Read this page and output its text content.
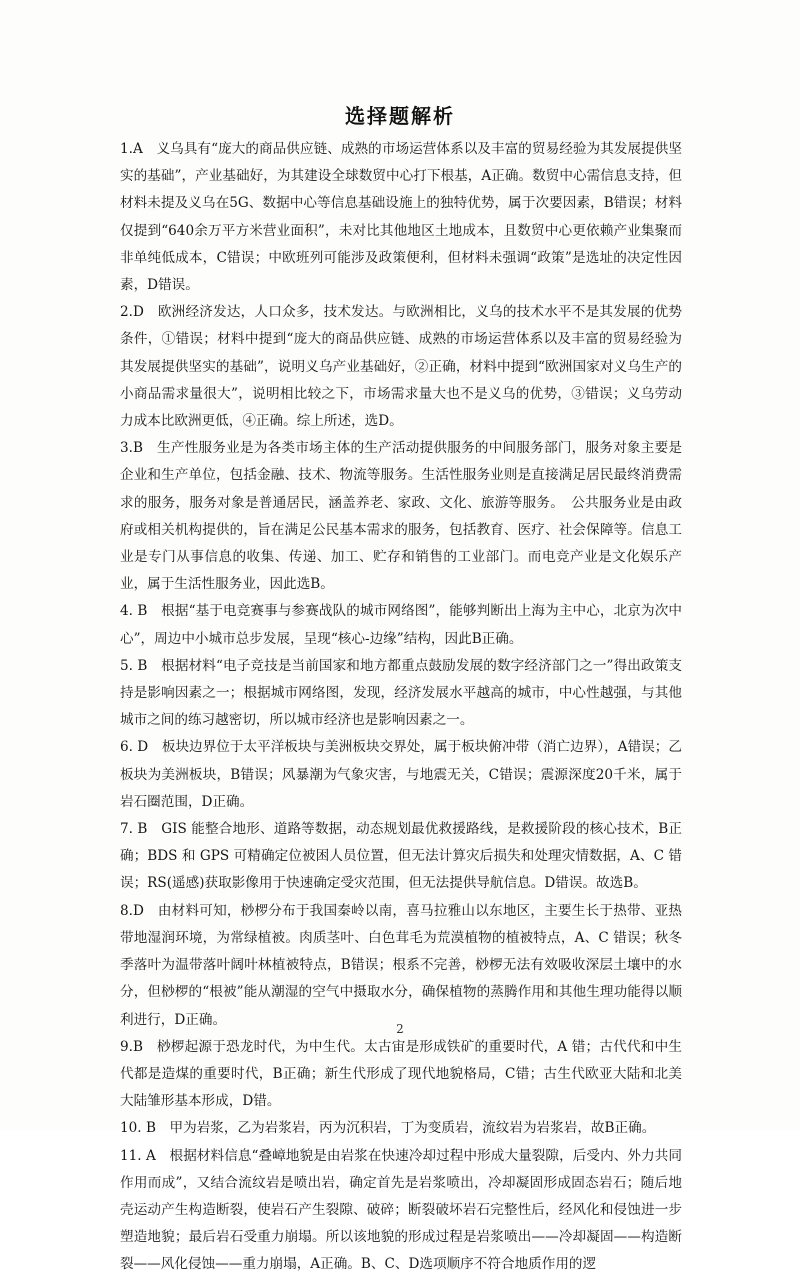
选择题解析

1.A　义乌具有“庞大的商品供应链、成熟的市场运营体系以及丰富的贸易经验为其发展提供坚实的基础”，产业基础好，为其建设全球数贸中心打下根基，A正确。数贸中心需信息支持，但材料未提及义乌在5G、数据中心等信息基础设施上的独特优势，属于次要因素，B错误；材料仅提到“640余万平方米营业面积”，未对比其他地区土地成本，且数贸中心更依赖产业集聚而非单纯低成本，C错误；中欧班列可能涉及政策便利，但材料未强调“政策”是选址的决定性因素，D错误。

2.D　欧洲经济发达，人口众多，技术发达。与欧洲相比，义乌的技术水平不是其发展的优势条件，①错误；材料中提到“庞大的商品供应链、成熟的市场运营体系以及丰富的贸易经验为其发展提供坚实的基础”，说明义乌产业基础好，②正确，材料中提到“欧洲国家对义乌生产的小商品需求量很大”，说明相比较之下，市场需求量大也不是义乌的优势，③错误；义乌劳动力成本比欧洲更低，④正确。综上所述，选D。

3.B　生产性服务业是为各类市场主体的生产活动提供服务的中间服务部门，服务对象主要是企业和生产单位，包括金融、技术、物流等服务。生活性服务业则是直接满足居民最终消费需求的服务，服务对象是普通居民，涵盖养老、家政、文化、旅游等服务。　公共服务业是由政府或相关机构提供的，旨在满足公民基本需求的服务，包括教育、医疗、社会保障等。信息工业是专门从事信息的收集、传递、加工、贮存和销售的工业部门。而电竞产业是文化娱乐产业，属于生活性服务业，因此选B。

4. B　根据“基于电竞赛事与参赛战队的城市网络图”，能够判断出上海为主中心，北京为次中心”，周边中小城市总步发展，呈现“核心-边缘”结构，因此B正确。

5. B　根据材料“电子竞技是当前国家和地方都重点鼓励发展的数字经济部门之一”得出政策支持是影响因素之一；根据城市网络图，发现，经济发展水平越高的城市，中心性越强，与其他城市之间的练习越密切，所以城市经济也是影响因素之一。

6. D　板块边界位于太平洋板块与美洲板块交界处，属于板块俯冲带（消亡边界），A错误；乙板块为美洲板块，B错误；风暴潮为气象灾害，与地震无关，C错误；震源深度20千米，属于岩石圈范围，D正确。

7. B　GIS 能整合地形、道路等数据，动态规划最优救援路线，是救援阶段的核心技术，B正确；BDS 和 GPS 可精确定位被困人员位置，但无法计算灾后损失和处理灾情数据，A、C 错误；RS(遥感)获取影像用于快速确定受灾范围，但无法提供导航信息。D错误。故选B。

8.D　由材料可知，桫椤分布于我国秦岭以南，喜马拉雅山以东地区，主要生长于热带、亚热带地湿润环境，为常绿植被。肉质茎叶、白色茸毛为荒漠植物的植被特点，A、C 错误；秋冬季落叶为温带落叶阔叶林植被特点，B错误；根系不完善，桫椤无法有效吸收深层土壤中的水分，但桫椤的“根被”能从潮湿的空气中摄取水分，确保植物的蒸腾作用和其他生理功能得以顺利进行，D正确。

9.B　桫椤起源于恐龙时代，为中生代。太古宙是形成铁矿的重要时代，A 错；古代代和中生代都是造煤的重要时代，B正确；新生代形成了现代地貌格局，C错；古生代欧亚大陆和北美大陆雏形基本形成，D错。

10. B　甲为岩浆，乙为岩浆岩，丙为沉积岩，丁为变质岩，流纹岩为岩浆岩，故B正确。

11. A　根据材料信息“叠嶂地貌是由岩浆在快速冷却过程中形成大量裂隙，后受内、外力共同作用而成”，又结合流纹岩是喷出岩，确定首先是岩浆喷出，冷却凝固形成固态岩石；随后地壳运动产生构造断裂，使岩石产生裂隙、破碎；断裂破坏岩石完整性后，经风化和侵蚀进一步塑造地貌；最后岩石受重力崩塌。所以该地貌的形成过程是岩浆喷出——冷却凝固——构造断裂——风化侵蚀——重力崩塌，A正确。B、C、D选项顺序不符合地质作用的逻

2
